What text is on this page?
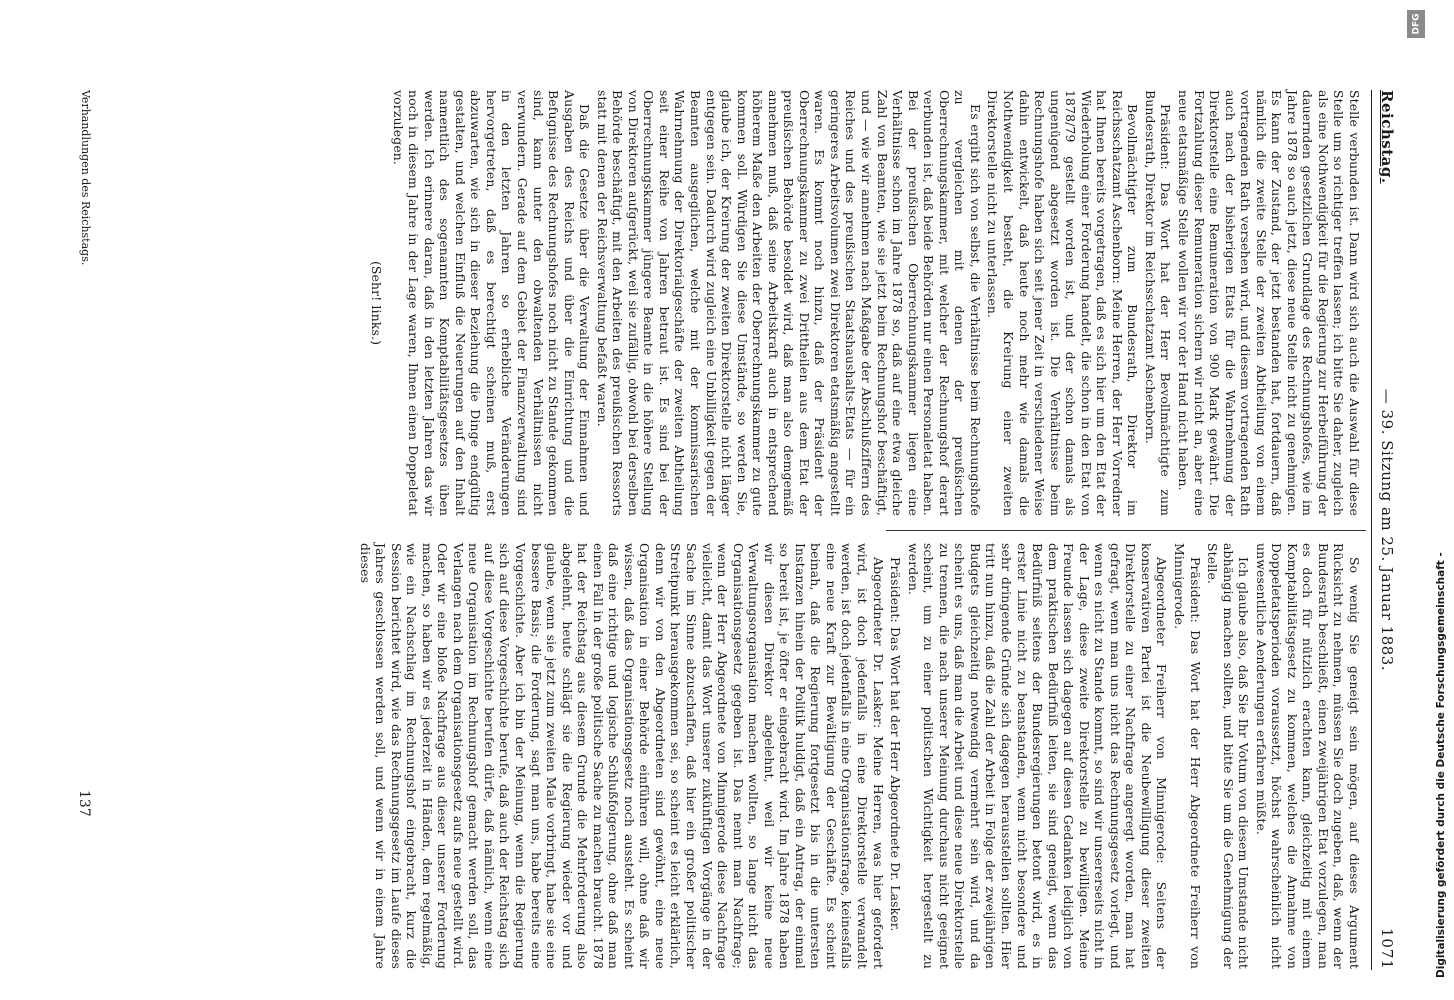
Reichstag.
— 39. Sitzung am 25. Januar 1883.
1071

Stelle verbunden ist. Dann wird sich auch die Auswahl für diese Stelle um so richtiger treffen lassen; ich bitte Sie daher, zugleich als eine Nothwendigkeit für die Regierung zur Herbeiführung der dauernden gesetzlichen Grundlage des Rechnungshofes, wie im Jahre 1878 so auch jetzt, diese neue Stelle nicht zu genehmigen. Es kann der Zustand, der jetzt bestanden hat, fortdauern, daß nämlich die zweite Stelle der zweiten Abtheilung von einem vortragenden Rath versehen wird, und diesem vortragenden Rath auch nach der bisherigen Etats für die Wahrnehmung der Direktorstelle eine Remuneration von 900 Mark gewährt. Die Fortzahlung dieser Remuneration sichern wir nicht an, aber eine neue etatsmäßige Stelle wollen wir vor der Hand nicht haben.

Präsident: Das Wort hat der Herr Bevollmächtigte zum Bundesrath, Direktor im Reichsschatzamt Aschenborn.

Bevollmächtigter zum Bundesrath, Direktor im Reichsschatzamt Aschenborn: Meine Herren, der Herr Vorredner hat Ihnen bereits vorgetragen, daß es sich hier um den Etat der Wiederholung einer Forderung handelt, die schon in den Etat von 1878/79 gestellt worden ist, und der schon damals als ungenügend abgesetzt worden ist. Die Verhältnisse beim Rechnungshofe haben sich seit jener Zeit in verschiedener Weise dahin entwickelt, daß heute noch mehr wie damals die Nothwendigkeit besteht, die Kreirung einer zweiten Direktorstelle nicht zu unterlassen.

Es ergibt sich von selbst, die Verhältnisse beim Rechnungshofe zu vergleichen mit denen der preußischen Oberrechnungskammer, mit welcher der Rechnungshof derart verbunden ist, daß beide Behörden nur einen Personaletat haben. Bei der preußischen Oberrechnungskammer liegen eine Verhältnisse schon im Jahre 1878 so, daß auf eine etwa gleiche Zahl von Beamten, wie sie jetzt beim Rechnungshof beschäftigt, und — wie wir annehmen nach Maßgabe der Abschlußziffern des Reiches und des preußischen Staatshaushalts-Etats — für ein geringeres Arbeitsvolumen zwei Direktoren etatsmäßig angestellt waren. Es kommt noch hinzu, daß der Präsident der Oberrechnungskammer zu zwei Drittheilen aus dem Etat der preußischen Behörde besoldet wird, daß man also demgemäß annehmen muß, daß seine Arbeitskraft auch in entsprechend höherem Maße den Arbeiten der Oberrechnungskammer zu gute kommen soll. Würdigen Sie diese Umstände, so werden Sie, glaube ich, der Kreirung der zweiten Direktorstelle nicht länger entgegen sein. Dadurch wird zugleich eine Unbilligkeit gegen der Beamten ausgeglichen, welche mit der kommissarischen Wahrnehmung der Direktorialgeschäfte der zweiten Abtheilung seit einer Reihe von Jahren betraut ist. Es sind bei der Oberrechnungskammer jüngere Beamte in die höhere Stellung von Direktoren aufgerückt, weil sie zufällig, obwohl bei derselben Behörde beschäftigt, mit den Arbeiten des preußischen Ressorts statt mit denen der Reichsverwaltung befaßt waren.

Daß die Gesetze über die Verwaltung der Einnahmen und Ausgaben des Reichs und über die Einrichtung und die Befugnisse des Rechnungshofes noch nicht zu Stande gekommen sind, kann unter den obwaltenden Verhältnissen nicht verwundern. Gerade auf dem Gebiet der Finanzverwaltung sind in den letzten Jahren so erhebliche Veränderungen hervorgetreten, daß es berechtigt scheinen muß, erst abzuwarten, wie sich in dieser Beziehung die Dinge endgültig gestalten, und welchen Einfluß die Neuerungen auf den Inhalt namentlich des sogenannten Komptabilitätsgesetzes üben werden. Ich erinnere daran, daß in den letzten Jahren das wir noch in diesem Jahre in der Lage waren, Ihnen einen Doppeletat vorzulegen.

(Sehr! links.)

So wenig Sie geneigt sein mögen, auf dieses Argument Rücksicht zu nehmen, müssen Sie doch zugeben, daß, wenn der Bundesrath beschließt, einen zweijährigen Etat vorzulegen, man es doch für nützlich erachten kann, gleichzeitig mit einem Komptabilitätsgesetz zu kommen, welches die Annahme von Doppeletatsperioden voraussetzt, höchst wahrscheinlich nicht unwesentliche Aenderungen erfahren müßte.

Ich glaube also, daß Sie Ihr Votum von diesem Umstande nicht abhängig machen sollten, und bitte Sie um die Genehmigung der Stelle.

Präsident: Das Wort hat der Herr Abgeordnete Freiherr von Minnigerode.

Abgeordneter Freiherr von Minnigerode: Seitens der konservativen Partei ist die Neubewilligung dieser zweiten Direktorstelle zu einer Nachfrage angeregt worden, man hat gefragt, wenn man uns nicht das Rechnungsgesetz vorlegt, und wenn es nicht zu Stande kommt, so sind wir unsererseits nicht in der Lage, diese zweite Direktorstelle zu bewilligen. Meine Freunde lassen sich dagegen auf diesen Gedanken lediglich von dem praktischen Bedürfniß leiten, sie sind geneigt, wenn das Bedürfniß seitens der Bundesregierungen betont wird, es in erster Linie nicht zu beanstanden, wenn nicht besondere und sehr dringende Gründe sich dagegen herausstellen sollten. Hier tritt nun hinzu, daß die Zahl der Arbeit in Folge der zweijährigen Budgets gleichzeitig notwendig vermehrt sein wird, und da scheint es uns, daß man die Arbeit und diese neue Direktorstelle zu trennen, die nach unserer Meinung durchaus nicht geeignet scheint, um zu einer politischen Wichtigkeit hergestellt zu werden.

Präsident: Das Wort hat der Herr Abgeordnete Dr. Lasker.

Abgeordneter Dr. Lasker: Meine Herren, was hier gefordert wird, ist doch jedenfalls in eine Direktorstelle verwandelt werden, ist doch jedenfalls in eine Organisationsfrage, keinesfalls eine neue Kraft zur Bewältigung der Geschäfte. Es scheint beinah, daß die Regierung fortgesetzt bis in die untersten Instanzen hinein der Politik huldigt, daß ein Antrag, der einmal so bereit ist, je öfter er eingebracht wird. Im Jahre 1878 haben wir diesen Direktor abgelehnt, weil wir keine neue Verwaltungsorganisation machen wollten, so lange nicht das Organisationsgesetz gegeben ist. Das nennt man Nachfrage; wenn der Herr Abgeordnete von Minnigerode diese Nachfrage vielleicht, damit das Wort unserer zukünftigen Vorgänge in der Sache im Sinne abzuschaffen, daß hier ein großer politischer Streitpunkt herausgekommen sei, so scheint es leicht erklärlich, denn wir von den Abgeordneten sind gewöhnt, eine neue Organisation in einer Behörde einführen will, ohne daß wir wissen, daß das Organisationsgesetz noch aussteht. Es scheint daß eine richtige und logische Schlußfolgerung, ohne daß man einen Fall in der große politische Sache zu machen braucht. 1878 hat der Reichstag aus diesem Grunde die Mehrforderung also abgelehnt, heute schlägt sie die Regierung wieder vor und glaube, wenn sie jetzt zum zweiten Male vorbringt, habe sie eine bessere Basis; die Forderung, sagt man uns, habe bereits eine Vorgeschichte. Aber ich bin der Meinung, wenn die Regierung sich auf diese Vorgeschichte berufe, daß auch der Reichstag sich auf diese Vorgeschichte berufen dürfe, daß nämlich, wenn eine neue Organisation im Rechnungshof gemacht werden soll, das Verlangen nach dem Organisationsgesetz aufs neue gestellt wird. Oder wir eine bloße Nachfrage aus dieser unserer Forderung machen, so haben wir es jederzeit in Händen, dem regelmäßig, wie ein Nachschlag im Rechnungshof eingebracht, kurz die Session berichtet wird, wie das Rechnungsgesetz im Laufe dieses Jahres geschlossen werden soll, und wenn wir in einem Jahre dieses

Verhandlungen des Reichstags.
137	Digitalisierung gefördert durch die Deutsche Forschungsgemeinschaft -
DFG
